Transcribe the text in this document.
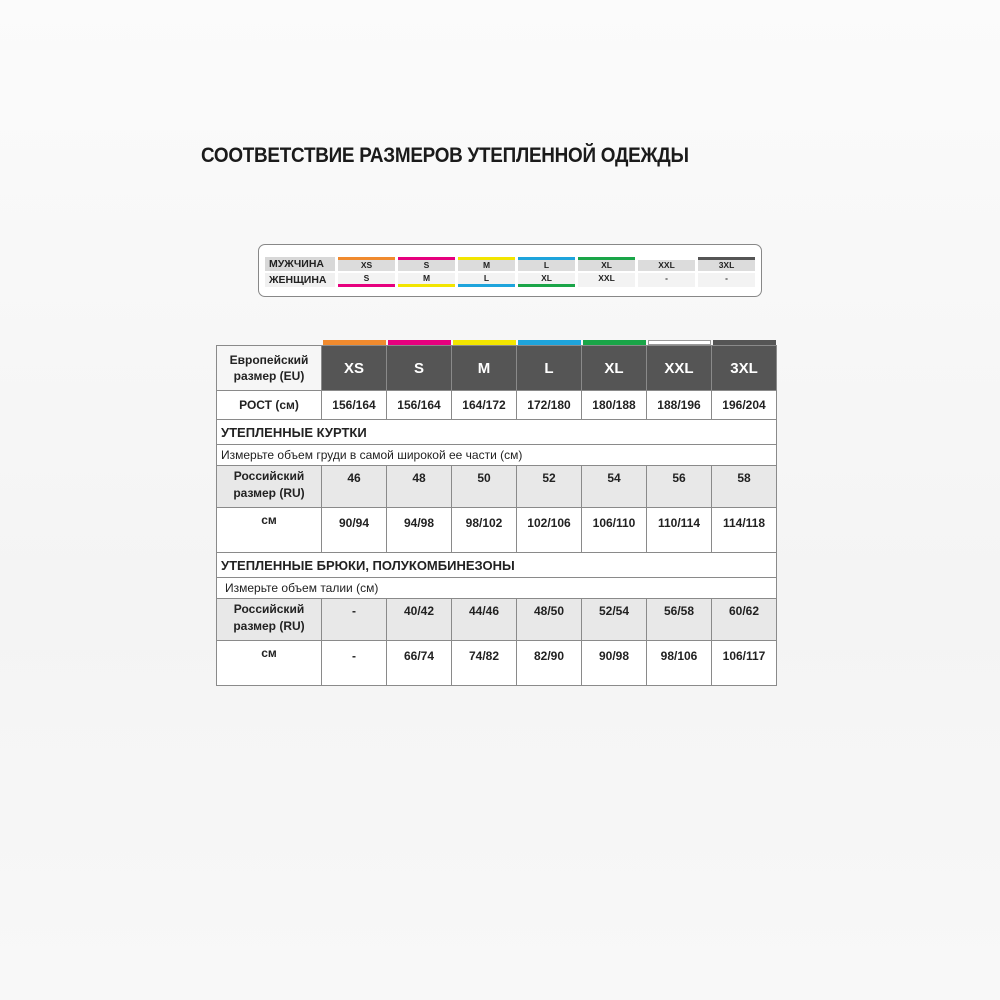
СООТВЕТСТВИЕ РАЗМЕРОВ УТЕПЛЕННОЙ ОДЕЖДЫ
МУЖЧИНА	XS	S	M	L	XL	XXL	3XL
ЖЕНЩИНА	S	M	L	XL	XXL	-	-

Европейский
размер (EU)	XS	S	M	L	XL	XXL	3XL
РОСТ (см)	156/164	156/164	164/172	172/180	180/188	188/196	196/204
УТЕПЛЕННЫЕ КУРТКИ							
Измерьте объем груди в самой широкой ее части (см)							
Российский
размер (RU)	46	48	50	52	54	56	58
см	90/94	94/98	98/102	102/106	106/110	110/114	114/118
УТЕПЛЕННЫЕ БРЮКИ, ПОЛУКОМБИНЕЗОНЫ							
Измерьте объем талии (см)							
Российский
размер (RU)	-	40/42	44/46	48/50	52/54	56/58	60/62
см	-	66/74	74/82	82/90	90/98	98/106	106/117
